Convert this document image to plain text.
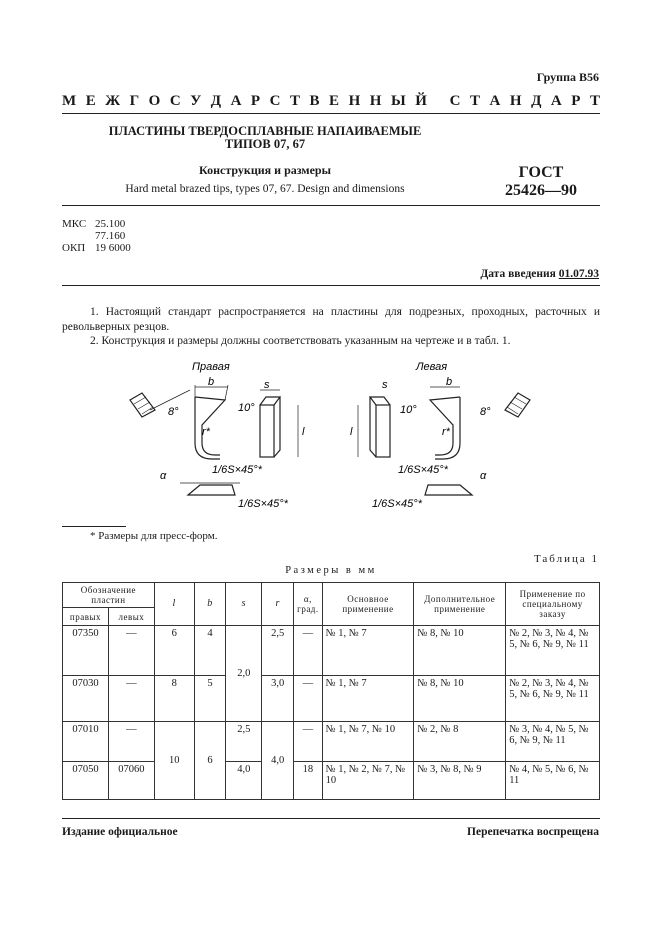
Группа В56
М Е Ж Г О С У Д А Р С Т В Е Н Н Ы Й
С Т А Н Д А Р Т
ПЛАСТИНЫ ТВЕРДОСПЛАВНЫЕ НАПАИВАЕМЫЕ
ТИПОВ 07, 67
Конструкция и размеры
Hard metal brazed tips, types 07, 67. Design and dimensions
ГОСТ
25426—90
МКС 25.100
77.160
ОКП 19 6000
Дата введения 01.07.93
1. Настоящий стандарт распространяется на пластины для подрезных, проходных, расточных и револьверных резцов.
2. Конструкция и размеры должны соответствовать указанным на чертеже и в табл. 1.
Правая	Левая
b	s
l
r*
8°	10°
α	1/6S×45°*
1/6S×45°*
s	b
l	r*
10°	8°
α
1/6S×45°*
1/6S×45°*
* Размеры для пресс-форм.
Таблица 1
Размеры в мм
Обозначение пластин		l	b	s	r	α, град.	Основное применение	Дополнительное применение	Применение по специальному заказу
правых	левых								
07350	—	6	4	2,0	2,5	—	№ 1, № 7	№ 8, № 10	№ 2, № 3, № 4, № 5, № 6, № 9, № 11
07030	—	8	5		3,0	—	№ 1, № 7	№ 8, № 10	№ 2, № 3, № 4, № 5, № 6, № 9, № 11
07010	—	10	6	2,5	4,0	—	№ 1, № 7, № 10	№ 2, № 8	№ 3, № 4, № 5, № 6, № 9, № 11
07050	07060			4,0		18	№ 1, № 2, № 7, № 10	№ 3, № 8, № 9	№ 4, № 5, № 6, № 11
Издание официальное	Перепечатка воспрещена
